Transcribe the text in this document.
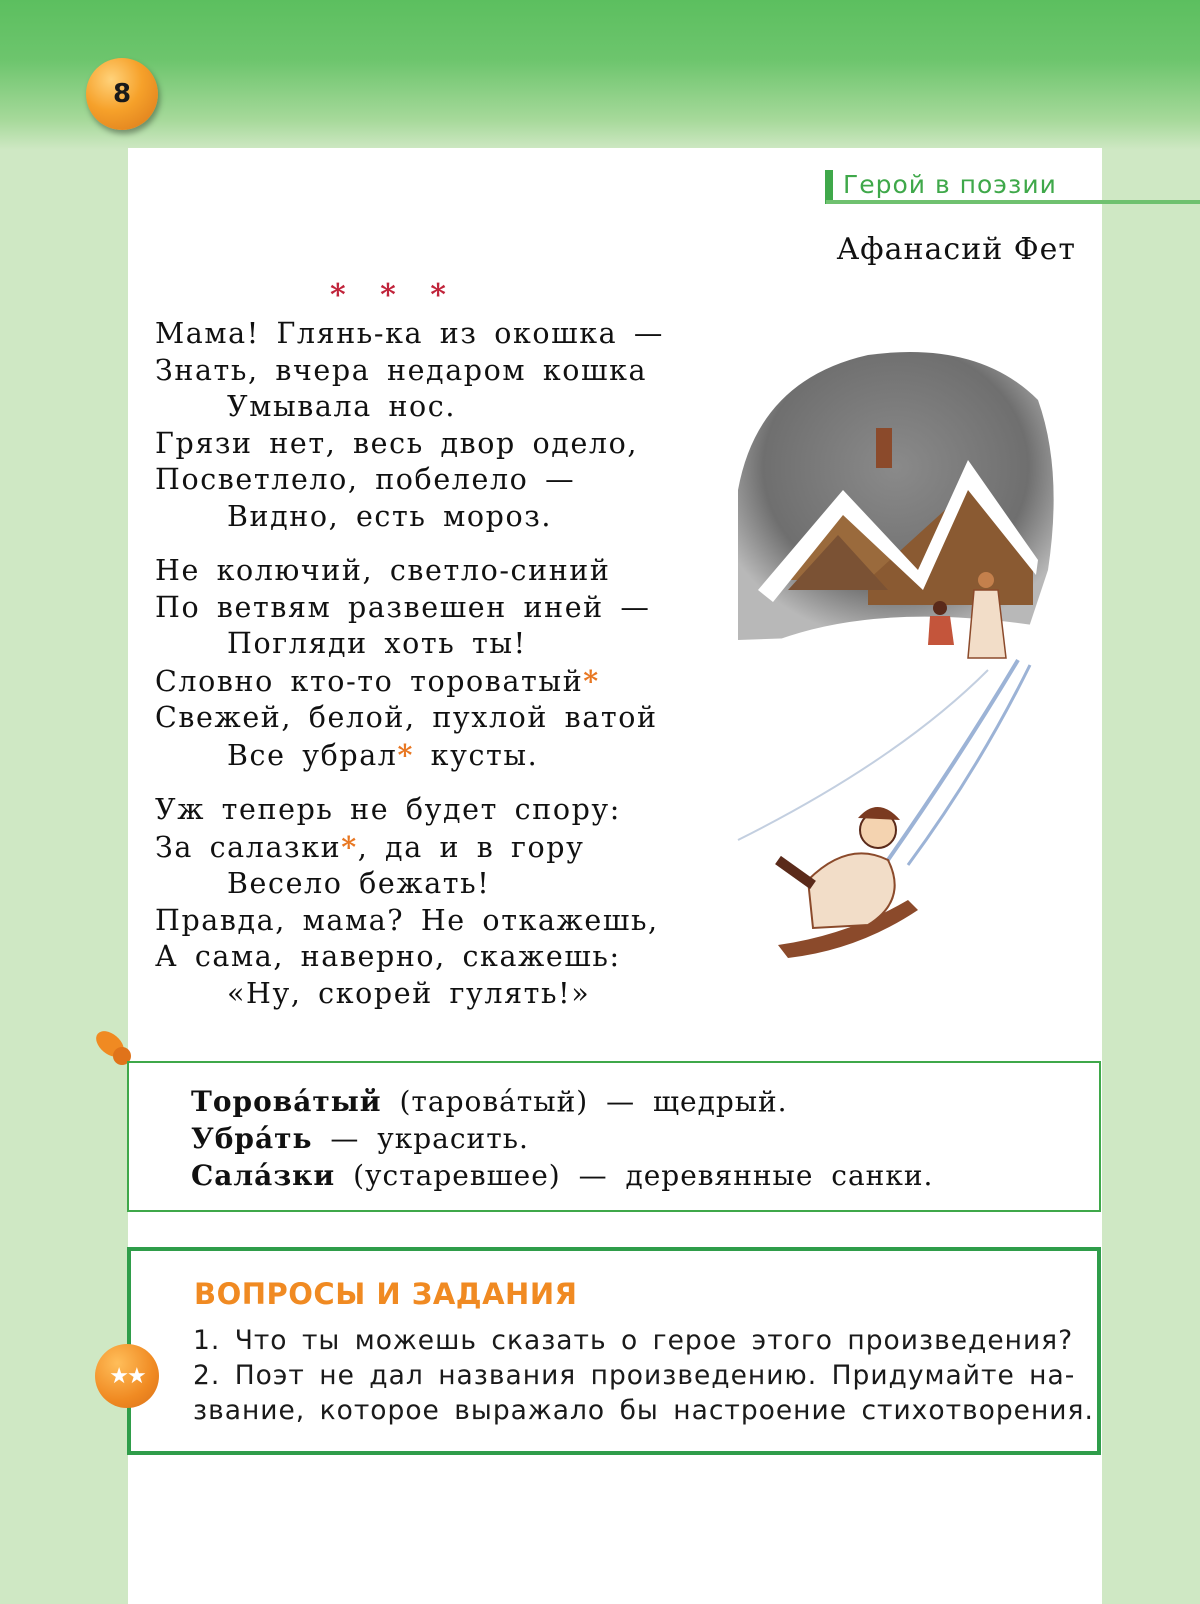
8
Герой в поэзии
Афанасий Фет
* * *
Мама! Глянь-ка из окошка —
Знать, вчера недаром кошка
Умывала нос.
Грязи нет, весь двор одело,
Посветлело, побелело —
Видно, есть мороз.
Не колючий, светло-синий
По ветвям развешен иней —
Погляди хоть ты!
Словно кто-то тороватый*
Свежей, белой, пухлой ватой
Все убрал* кусты.
Уж теперь не будет спору:
За салазки*, да и в гору
Весело бежать!
Правда, мама? Не откажешь,
А сама, наверно, скажешь:
«Ну, скорей гулять!»
Торова́тый (тарова́тый) — щедрый.
Убра́ть — украсить.
Сала́зки (устаревшее) — деревянные санки.
ВОПРОСЫ И ЗАДАНИЯ
1. Что ты можешь сказать о герое этого произведения?
2. Поэт не дал названия произведению. Придумайте на-
звание, которое выражало бы настроение стихотворения.
★★
